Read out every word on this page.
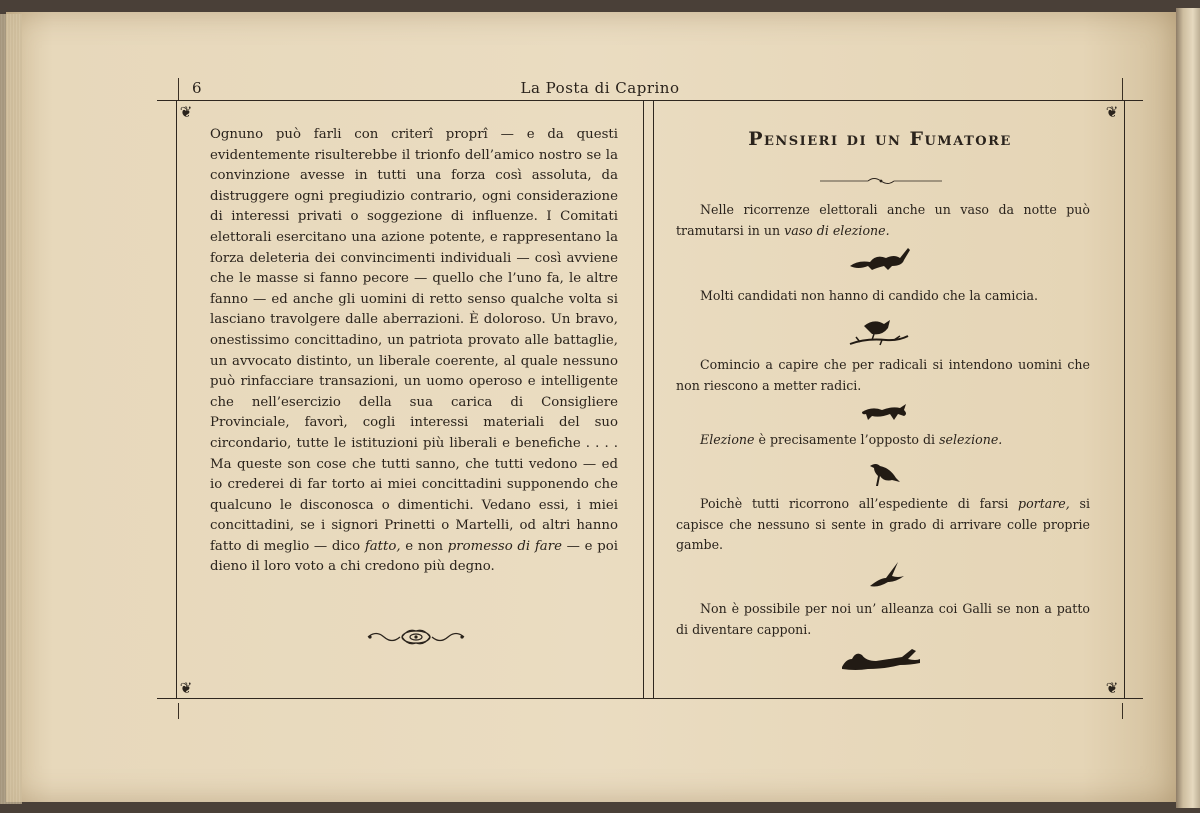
6	La Posta di Caprino
❦	❦
❦	❦

Ognuno può farli con criterî proprî — e da questi evidentemente risulterebbe il trionfo dell’amico nostro se la convinzione avesse in tutti una forza così assoluta, da distruggere ogni pregiudizio contrario, ogni considerazione di interessi privati o soggezione di influenze. I Comitati elettorali esercitano una azione potente, e rappresentano la forza deleteria dei convincimenti individuali — così avviene che le masse si fanno pecore — quello che l’uno fa, le altre fanno — ed anche gli uomini di retto senso qualche volta si lasciano travolgere dalle aberrazioni. È doloroso. Un bravo, onestissimo concittadino, un patriota provato alle battaglie, un avvocato distinto, un liberale coerente, al quale nessuno può rinfacciare transazioni, un uomo operoso e intelligente che nell’esercizio della sua carica di Consigliere Provinciale, favorì, cogli interessi materiali del suo circondario, tutte le istituzioni più liberali e benefiche . . . . Ma queste son cose che tutti sanno, che tutti vedono — ed io crederei di far torto ai miei concittadini supponendo che qualcuno le disconosca o dimentichi. Vedano essi, i miei concittadini, se i signori Prinetti o Martelli, od altri hanno fatto di meglio — dico fatto, e non promesso di fare — e poi dieno il loro voto a chi credono più degno.

Pensieri di un Fumatore
Nelle ricorrenze elettorali anche un vaso da notte può tramutarsi in un vaso di elezione.
Molti candidati non hanno di candido che la camicia.
Comincio a capire che per radicali si intendono uomini che non riescono a metter radici.
Elezione è precisamente l’opposto di selezione.
Poichè tutti ricorrono all’espediente di farsi portare, si capisce che nessuno si sente in grado di arrivare colle proprie gambe.
Non è possibile per noi un’ alleanza coi Galli se non a patto di diventare capponi.
